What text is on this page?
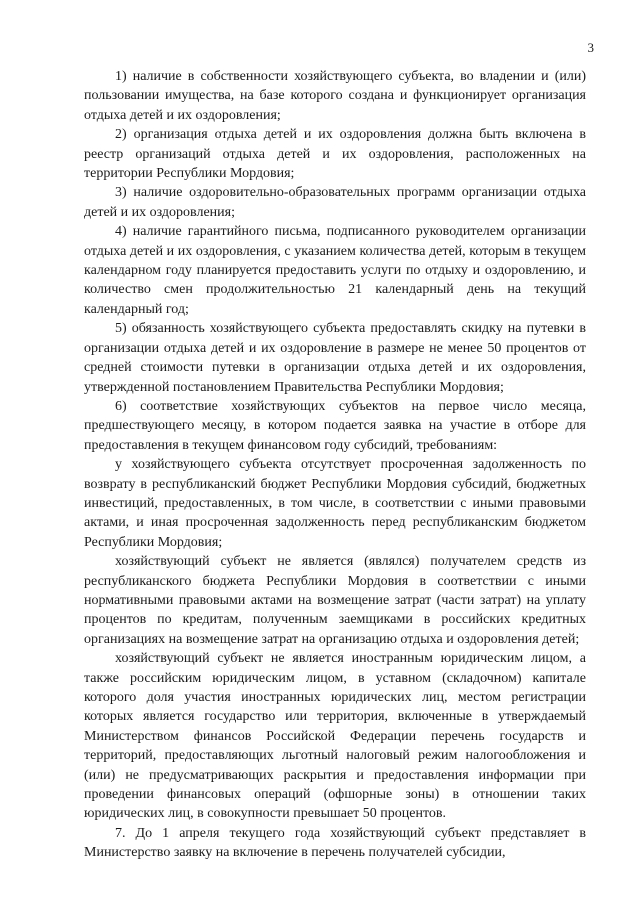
3

1) наличие в собственности хозяйствующего субъекта, во владении и (или) пользовании имущества, на базе которого создана и функционирует организация отдыха детей и их оздоровления;

2) организация отдыха детей и их оздоровления должна быть включена в реестр организаций отдыха детей и их оздоровления, расположенных на территории Республики Мордовия;

3) наличие оздоровительно-образовательных программ организации отдыха детей и их оздоровления;

4) наличие гарантийного письма, подписанного руководителем организации отдыха детей и их оздоровления, с указанием количества детей, которым в текущем календарном году планируется предоставить услуги по отдыху и оздоровлению, и количество смен продолжительностью 21 календарный день на текущий календарный год;

5) обязанность хозяйствующего субъекта предоставлять скидку на путевки в организации отдыха детей и их оздоровление в размере не менее 50 процентов от средней стоимости путевки в организации отдыха детей и их оздоровления, утвержденной постановлением Правительства Республики Мордовия;

6) соответствие хозяйствующих субъектов на первое число месяца, предшествующего месяцу, в котором подается заявка на участие в отборе для предоставления в текущем финансовом году субсидий, требованиям:

у хозяйствующего субъекта отсутствует просроченная задолженность по возврату в республиканский бюджет Республики Мордовия субсидий, бюджетных инвестиций, предоставленных, в том числе, в соответствии с иными правовыми актами, и иная просроченная задолженность перед республиканским бюджетом Республики Мордовия;

хозяйствующий субъект не является (являлся) получателем средств из республиканского бюджета Республики Мордовия в соответствии с иными нормативными правовыми актами на возмещение затрат (части затрат) на уплату процентов по кредитам, полученным заемщиками в российских кредитных организациях на возмещение затрат на организацию отдыха и оздоровления детей;

хозяйствующий субъект не является иностранным юридическим лицом, а также российским юридическим лицом, в уставном (складочном) капитале которого доля участия иностранных юридических лиц, местом регистрации которых является государство или территория, включенные в утверждаемый Министерством финансов Российской Федерации перечень государств и территорий, предоставляющих льготный налоговый режим налогообложения и (или) не предусматривающих раскрытия и предоставления информации при проведении финансовых операций (офшорные зоны) в отношении таких юридических лиц, в совокупности превышает 50 процентов.

7. До 1 апреля текущего года хозяйствующий субъект представляет в Министерство заявку на включение в перечень получателей субсидии,
